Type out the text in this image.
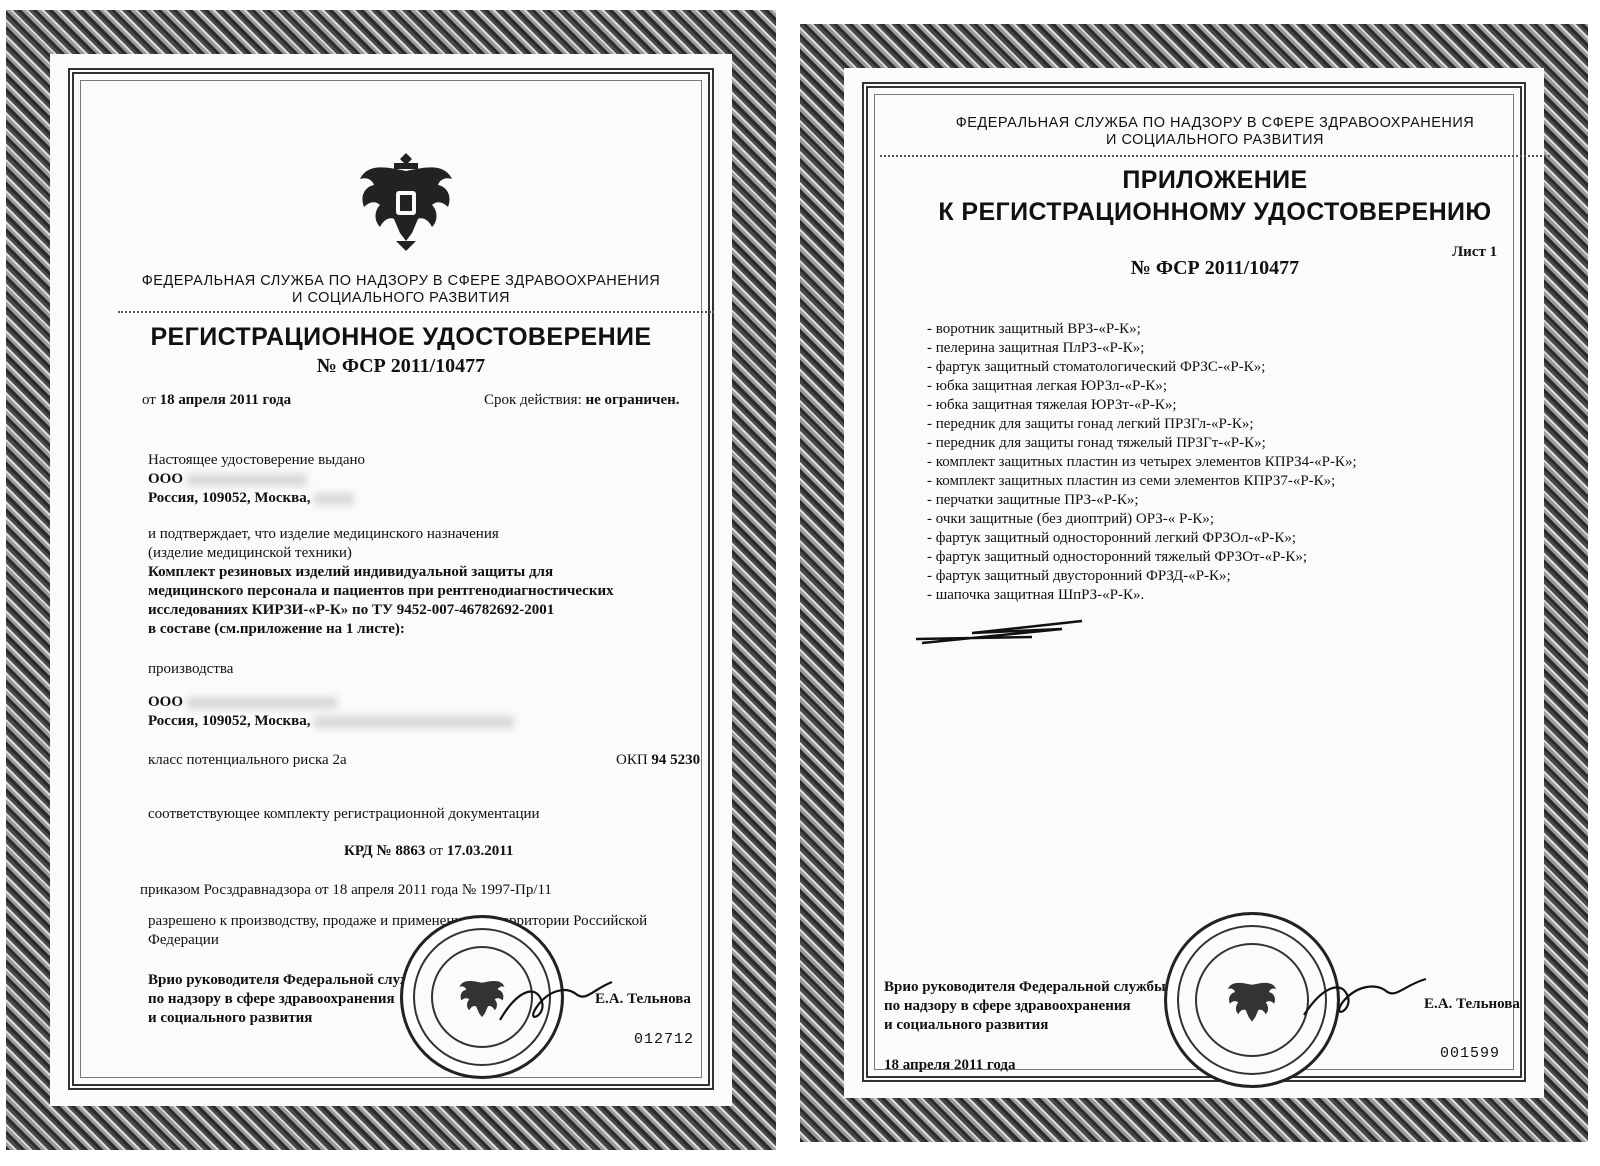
ФЕДЕРАЛЬНАЯ СЛУЖБА ПО НАДЗОРУ В СФЕРЕ ЗДРАВООХРАНЕНИЯ
И СОЦИАЛЬНОГО РАЗВИТИЯ
РЕГИСТРАЦИОННОЕ УДОСТОВЕРЕНИЕ
№ ФСР 2011/10477
от 18 апреля 2011 года	Срок действия: не ограничен.
Настоящее удостоверение выдано
ООО
Россия, 109052, Москва,
и подтверждает, что изделие медицинского назначения
(изделие медицинской техники)
Комплект резиновых изделий индивидуальной защиты для
медицинского персонала и пациентов при рентгенодиагностических
исследованиях КИРЗИ-«Р-К» по ТУ 9452-007-46782692-2001
в составе (см.приложение на 1 листе):
производства
ООО
Россия, 109052, Москва,
класс потенциального риска 2а	ОКП 94 5230
соответствующее комплекту регистрационной документации
КРД № 8863 от 17.03.2011
приказом Росздравнадзора от 18 апреля 2011 года № 1997-Пр/11
разрешено к производству, продаже и применению на территории Российской
Федерации
Врио руководителя Федеральной службы
по надзору в сфере здравоохранения
и социального развития
Е.А. Тельнова
012712
ФЕДЕРАЛЬНАЯ СЛУЖБА ПО НАДЗОРУ В СФЕРЕ ЗДРАВООХРАНЕНИЯ
И СОЦИАЛЬНОГО РАЗВИТИЯ
ПРИЛОЖЕНИЕ
К РЕГИСТРАЦИОННОМУ УДОСТОВЕРЕНИЮ
Лист 1
№ ФСР 2011/10477
- воротник защитный ВРЗ-«Р-К»;
- пелерина защитная ПлРЗ-«Р-К»;
- фартук защитный стоматологический ФРЗС-«Р-К»;
- юбка защитная легкая ЮРЗл-«Р-К»;
- юбка защитная тяжелая ЮРЗт-«Р-К»;
- передник для защиты гонад легкий ПРЗГл-«Р-К»;
- передник для защиты гонад тяжелый ПРЗГт-«Р-К»;
- комплект защитных пластин из четырех элементов КПРЗ4-«Р-К»;
- комплект защитных пластин из семи элементов КПРЗ7-«Р-К»;
- перчатки защитные ПРЗ-«Р-К»;
- очки защитные (без диоптрий) ОРЗ-« Р-К»;
- фартук защитный односторонний легкий ФРЗОл-«Р-К»;
- фартук защитный односторонний тяжелый ФРЗОт-«Р-К»;
- фартук защитный двусторонний ФРЗД-«Р-К»;
- шапочка защитная ШпРЗ-«Р-К».
Врио руководителя Федеральной службы
по надзору в сфере здравоохранения
и социального развития
Е.А. Тельнова
18 апреля 2011 года
001599
